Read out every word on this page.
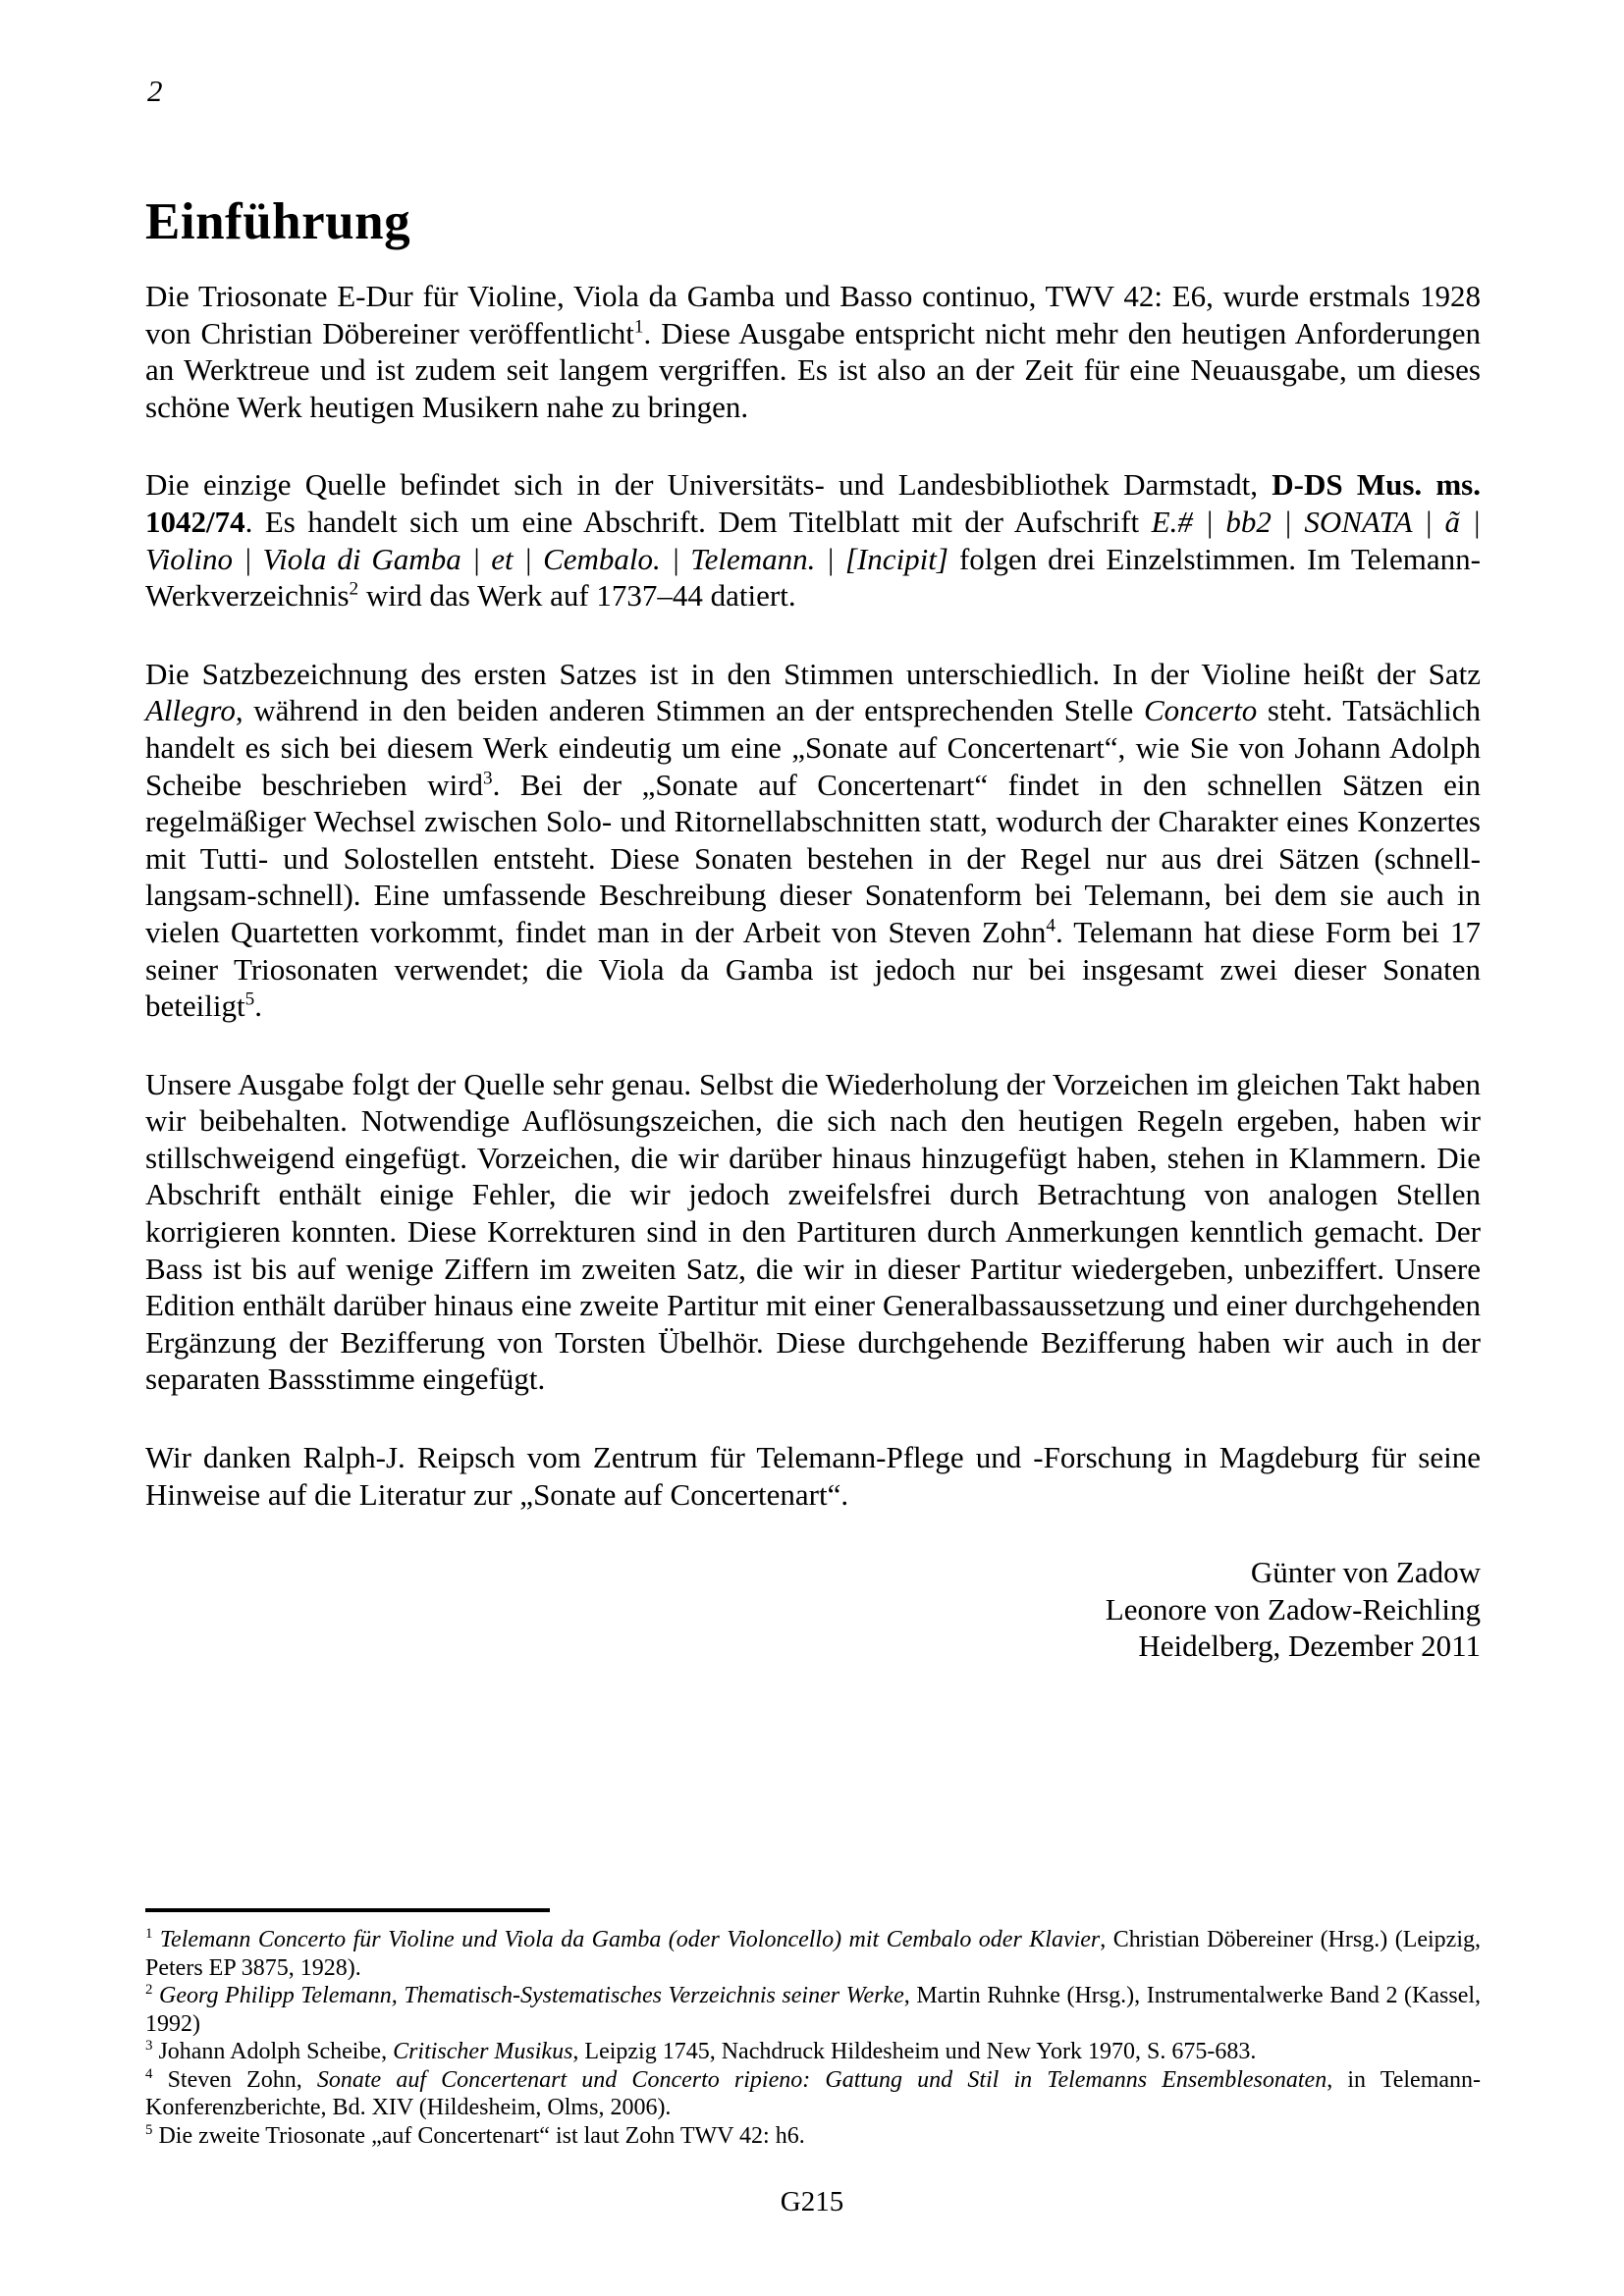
2
Einführung

Die Triosonate E-Dur für Violine, Viola da Gamba und Basso continuo, TWV 42: E6, wurde erstmals 1928 von Christian Döbereiner veröffentlicht$^1$. Diese Ausgabe entspricht nicht mehr den heutigen Anforderungen an Werktreue und ist zudem seit langem vergriffen. Es ist also an der Zeit für eine Neuausgabe, um dieses schöne Werk heutigen Musikern nahe zu bringen.

Die einzige Quelle befindet sich in der Universitäts- und Landesbibliothek Darmstadt, D-DS Mus. ms. 1042/74. Es handelt sich um eine Abschrift. Dem Titelblatt mit der Aufschrift E.# | bb2 | SONATA | ã | Violino | Viola di Gamba | et | Cembalo. | Telemann. | [Incipit] folgen drei Einzelstimmen. Im Telemann-Werkverzeichnis$^2$ wird das Werk auf 1737–44 datiert.

Die Satzbezeichnung des ersten Satzes ist in den Stimmen unterschiedlich. In der Violine heißt der Satz Allegro, während in den beiden anderen Stimmen an der entsprechenden Stelle Concerto steht. Tatsächlich handelt es sich bei diesem Werk eindeutig um eine „Sonate auf Concertenart“, wie Sie von Johann Adolph Scheibe beschrieben wird$^3$. Bei der „Sonate auf Concertenart“ findet in den schnellen Sätzen ein regelmäßiger Wechsel zwischen Solo- und Ritornellabschnitten statt, wodurch der Charakter eines Konzertes mit Tutti- und Solostellen entsteht. Diese Sonaten bestehen in der Regel nur aus drei Sätzen (schnell-langsam-schnell). Eine umfassende Beschreibung dieser Sonatenform bei Telemann, bei dem sie auch in vielen Quartetten vorkommt, findet man in der Arbeit von Steven Zohn$^4$. Telemann hat diese Form bei 17 seiner Triosonaten verwendet; die Viola da Gamba ist jedoch nur bei insgesamt zwei dieser Sonaten beteiligt$^5$.

Unsere Ausgabe folgt der Quelle sehr genau. Selbst die Wiederholung der Vorzeichen im gleichen Takt haben wir beibehalten. Notwendige Auflösungszeichen, die sich nach den heutigen Regeln ergeben, haben wir stillschweigend eingefügt. Vorzeichen, die wir darüber hinaus hinzugefügt haben, stehen in Klammern. Die Abschrift enthält einige Fehler, die wir jedoch zweifelsfrei durch Betrachtung von analogen Stellen korrigieren konnten. Diese Korrekturen sind in den Partituren durch Anmerkungen kenntlich gemacht. Der Bass ist bis auf wenige Ziffern im zweiten Satz, die wir in dieser Partitur wiedergeben, unbeziffert. Unsere Edition enthält darüber hinaus eine zweite Partitur mit einer Generalbassaussetzung und einer durchgehenden Ergänzung der Bezifferung von Torsten Übelhör. Diese durchgehende Bezifferung haben wir auch in der separaten Bassstimme eingefügt.

Wir danken Ralph-J. Reipsch vom Zentrum für Telemann-Pflege und -Forschung in Magdeburg für seine Hinweise auf die Literatur zur „Sonate auf Concertenart“.

Günter von Zadow
Leonore von Zadow-Reichling
Heidelberg, Dezember 2011
$^1$ Telemann Concerto für Violine und Viola da Gamba (oder Violoncello) mit Cembalo oder Klavier, Christian Döbereiner (Hrsg.) (Leipzig, Peters EP 3875, 1928).
$^2$ Georg Philipp Telemann, Thematisch-Systematisches Verzeichnis seiner Werke, Martin Ruhnke (Hrsg.), Instrumentalwerke Band 2 (Kassel, 1992)
$^3$ Johann Adolph Scheibe, Critischer Musikus, Leipzig 1745, Nachdruck Hildesheim und New York 1970, S. 675-683.
$^4$ Steven Zohn, Sonate auf Concertenart und Concerto ripieno: Gattung und Stil in Telemanns Ensemblesonaten, in Telemann-Konferenzberichte, Bd. XIV (Hildesheim, Olms, 2006).
$^5$ Die zweite Triosonate „auf Concertenart“ ist laut Zohn TWV 42: h6.
G215
